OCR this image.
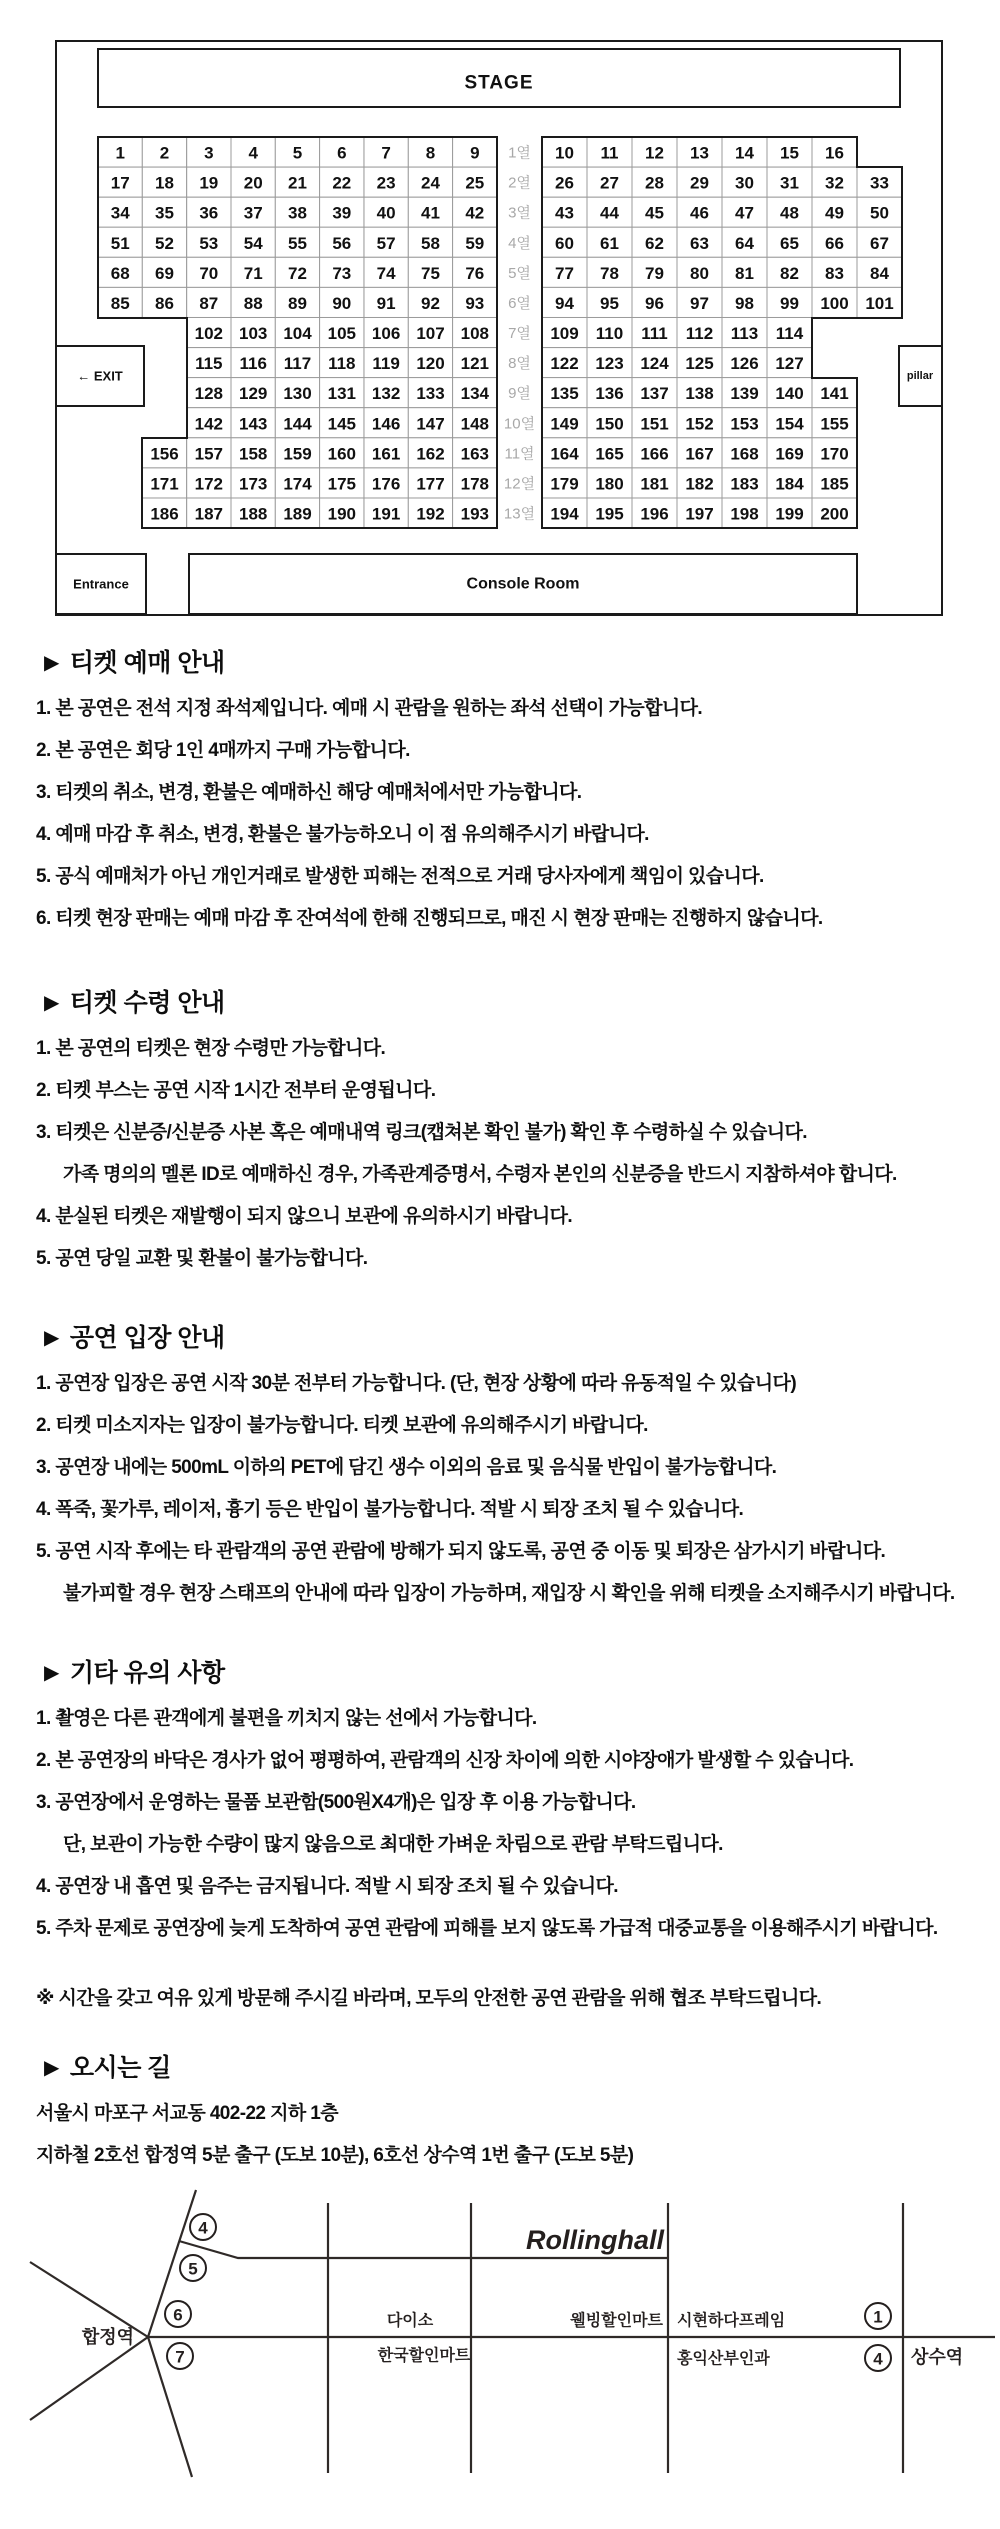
STAGE
1 2 3 4 5 6 7 8 9	10 11 12 13 14 15 16
1열
17 18 19 20 21 22 23 24 25	26 27 28 29 30 31 32 33
2열
34 35 36 37 38 39 40 41 42	43 44 45 46 47 48 49 50
3열
51 52 53 54 55 56 57 58 59	60 61 62 63 64 65 66 67
4열
68 69 70 71 72 73 74 75 76	77 78 79 80 81 82 83 84
5열
85 86 87 88 89 90 91 92 93	94 95 96 97 98 99 100 101
6열
102 103 104 105 106 107 108	109 110 111 112 113 114
7열
115 116 117 118 119 120 121	122 123 124 125 126 127
8열
128 129 130 131 132 133 134	135 136 137 138 139 140 141
9열
142 143 144 145 146 147 148	149 150 151 152 153 154 155
10열
156 157 158 159 160 161 162 163	164 165 166 167 168 169 170
11열
171 172 173 174 175 176 177 178	179 180 181 182 183 184 185
12열
186 187 188 189 190 191 192 193	194 195 196 197 198 199 200
13열
← EXIT	pillar
Entrance	Console Room
▶ 티켓 예매 안내
1. 본 공연은 전석 지정 좌석제입니다. 예매 시 관람을 원하는 좌석 선택이 가능합니다.
2. 본 공연은 회당 1인 4매까지 구매 가능합니다.
3. 티켓의 취소, 변경, 환불은 예매하신 해당 예매처에서만 가능합니다.
4. 예매 마감 후 취소, 변경, 환불은 불가능하오니 이 점 유의해주시기 바랍니다.
5. 공식 예매처가 아닌 개인거래로 발생한 피해는 전적으로 거래 당사자에게 책임이 있습니다.
6. 티켓 현장 판매는 예매 마감 후 잔여석에 한해 진행되므로, 매진 시 현장 판매는 진행하지 않습니다.
▶ 티켓 수령 안내
1. 본 공연의 티켓은 현장 수령만 가능합니다.
2. 티켓 부스는 공연 시작 1시간 전부터 운영됩니다.
3. 티켓은 신분증/신분증 사본 혹은 예매내역 링크(캡쳐본 확인 불가) 확인 후 수령하실 수 있습니다.
가족 명의의 멜론 ID로 예매하신 경우, 가족관계증명서, 수령자 본인의 신분증을 반드시 지참하셔야 합니다.
4. 분실된 티켓은 재발행이 되지 않으니 보관에 유의하시기 바랍니다.
5. 공연 당일 교환 및 환불이 불가능합니다.
▶ 공연 입장 안내
1. 공연장 입장은 공연 시작 30분 전부터 가능합니다. (단, 현장 상황에 따라 유동적일 수 있습니다)
2. 티켓 미소지자는 입장이 불가능합니다. 티켓 보관에 유의해주시기 바랍니다.
3. 공연장 내에는 500mL 이하의 PET에 담긴 생수 이외의 음료 및 음식물 반입이 불가능합니다.
4. 폭죽, 꽃가루, 레이저, 흉기 등은 반입이 불가능합니다. 적발 시 퇴장 조치 될 수 있습니다.
5. 공연 시작 후에는 타 관람객의 공연 관람에 방해가 되지 않도록, 공연 중 이동 및 퇴장은 삼가시기 바랍니다.
불가피할 경우 현장 스태프의 안내에 따라 입장이 가능하며, 재입장 시 확인을 위해 티켓을 소지해주시기 바랍니다.
▶ 기타 유의 사항
1. 촬영은 다른 관객에게 불편을 끼치지 않는 선에서 가능합니다.
2. 본 공연장의 바닥은 경사가 없어 평평하여, 관람객의 신장 차이에 의한 시야장애가 발생할 수 있습니다.
3. 공연장에서 운영하는 물품 보관함(500원X4개)은 입장 후 이용 가능합니다.
단, 보관이 가능한 수량이 많지 않음으로 최대한 가벼운 차림으로 관람 부탁드립니다.
4. 공연장 내 흡연 및 음주는 금지됩니다. 적발 시 퇴장 조치 될 수 있습니다.
5. 주차 문제로 공연장에 늦게 도착하여 공연 관람에 피해를 보지 않도록 가급적 대중교통을 이용해주시기 바랍니다.
※ 시간을 갖고 여유 있게 방문해 주시길 바라며, 모두의 안전한 공연 관람을 위해 협조 부탁드립니다.
▶ 오시는 길
서울시 마포구 서교동 402-22 지하 1층
지하철 2호선 합정역 5분 출구 (도보 10분), 6호선 상수역 1번 출구 (도보 5분)
4
5
6
7
1
4
합정역
상수역
다이소
한국할인마트
웰빙할인마트 시현하다프레임
홍익산부인과
Rollinghall
